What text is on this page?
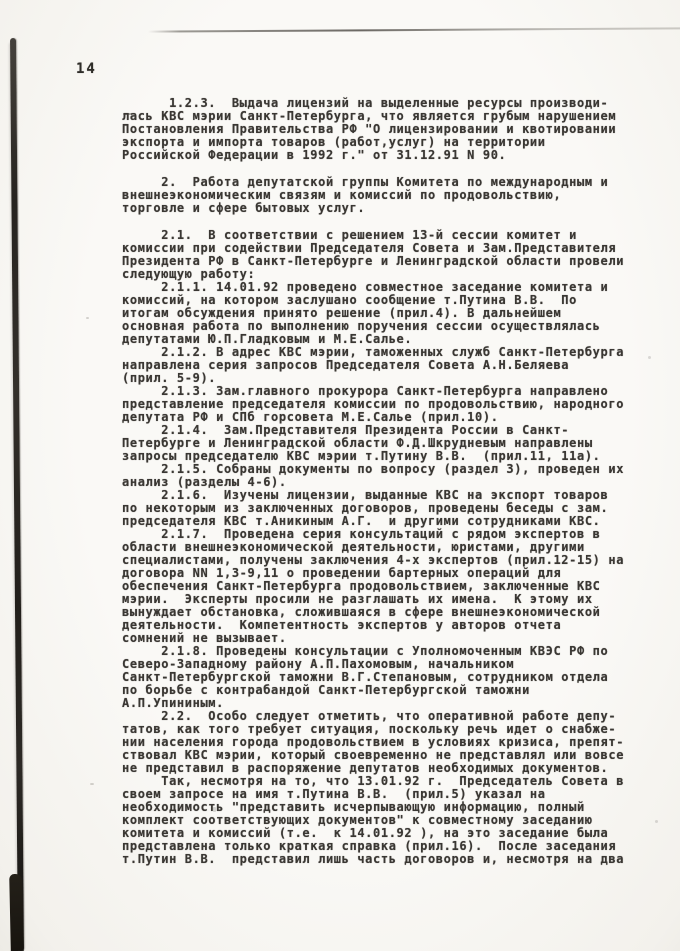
14
1.2.3.  Выдача лицензий на выделенные ресурсы производи-
лась КВС мэрии Санкт-Петербурга, что является грубым нарушением
Постановления Правительства РФ "О лицензировании и квотировании
экспорта и импорта товаров (работ,услуг) на территории
Российской Федерации в 1992 г." от 31.12.91 N 90.
2.  Работа депутатской группы Комитета по международным и
внешнеэкономическим связям и комиссий по продовольствию,
торговле и сфере бытовых услуг.
2.1.  В соответствии с решением 13-й сессии комитет и
комиссии при содействии Председателя Совета и Зам.Представителя
Президента РФ в Санкт-Петербурге и Ленинградской области провели
следующую работу:
2.1.1. 14.01.92 проведено совместное заседание комитета и
комиссий, на котором заслушано сообщение т.Путина В.В.  По
итогам обсуждения принято решение (прил.4). В дальнейшем
основная работа по выполнению поручения сессии осуществлялась
депутатами Ю.П.Гладковым и М.Е.Салье.
2.1.2. В адрес КВС мэрии, таможенных служб Санкт-Петербурга
направлена серия запросов Председателя Совета А.Н.Беляева
(прил. 5-9).
2.1.3. Зам.главного прокурора Санкт-Петербурга направлено
представление председателя комиссии по продовольствию, народного
депутата РФ и СПб горсовета М.Е.Салье (прил.10).
2.1.4.  Зам.Представителя Президента России в Санкт-
Петербурге и Ленинградской области Ф.Д.Шкрудневым направлены
запросы председателю КВС мэрии т.Путину В.В.  (прил.11, 11а).
2.1.5. Собраны документы по вопросу (раздел 3), проведен их
анализ (разделы 4-6).
2.1.6.  Изучены лицензии, выданные КВС на экспорт товаров
по некоторым из заключенных договоров, проведены беседы с зам.
председателя КВС т.Аникиным А.Г.  и другими сотрудниками КВС.
2.1.7.  Проведена серия консультаций с рядом экспертов в
области внешнеэкономической деятельности, юристами, другими
специалистами, получены заключения 4-х экспертов (прил.12-15) на
договора NN 1,3-9,11 о проведении бартерных операций для
обеспечения Санкт-Петербурга продовольствием, заключенные КВС
мэрии.  Эксперты просили не разглашать их имена.  К этому их
вынуждает обстановка, сложившаяся в сфере внешнеэкономической
деятельности.  Компетентность экспертов у авторов отчета
сомнений не вызывает.
2.1.8. Проведены консультации с Уполномоченным КВЭС РФ по
Северо-Западному району А.П.Пахомовым, начальником
Санкт-Петербургской таможни В.Г.Степановым, сотрудником отдела
по борьбе с контрабандой Санкт-Петербургской таможни
А.П.Упининым.
2.2.  Особо следует отметить, что оперативной работе депу-
татов, как того требует ситуация, поскольку речь идет о снабже-
нии населения города продовольствием в условиях кризиса, препят-
ствовал КВС мэрии, который своевременно не представлял или вовсе
не представил в распоряжение депутатов необходимых документов.
Так, несмотря на то, что 13.01.92 г.  Председатель Совета в
своем запросе на имя т.Путина В.В.  (прил.5) указал на
необходимость "представить исчерпывающую информацию, полный
комплект соответствующих документов" к совместному заседанию
комитета и комиссий (т.е.  к 14.01.92 ), на это заседание была
представлена только краткая справка (прил.16).  После заседания
т.Путин В.В.  представил лишь часть договоров и, несмотря на два
